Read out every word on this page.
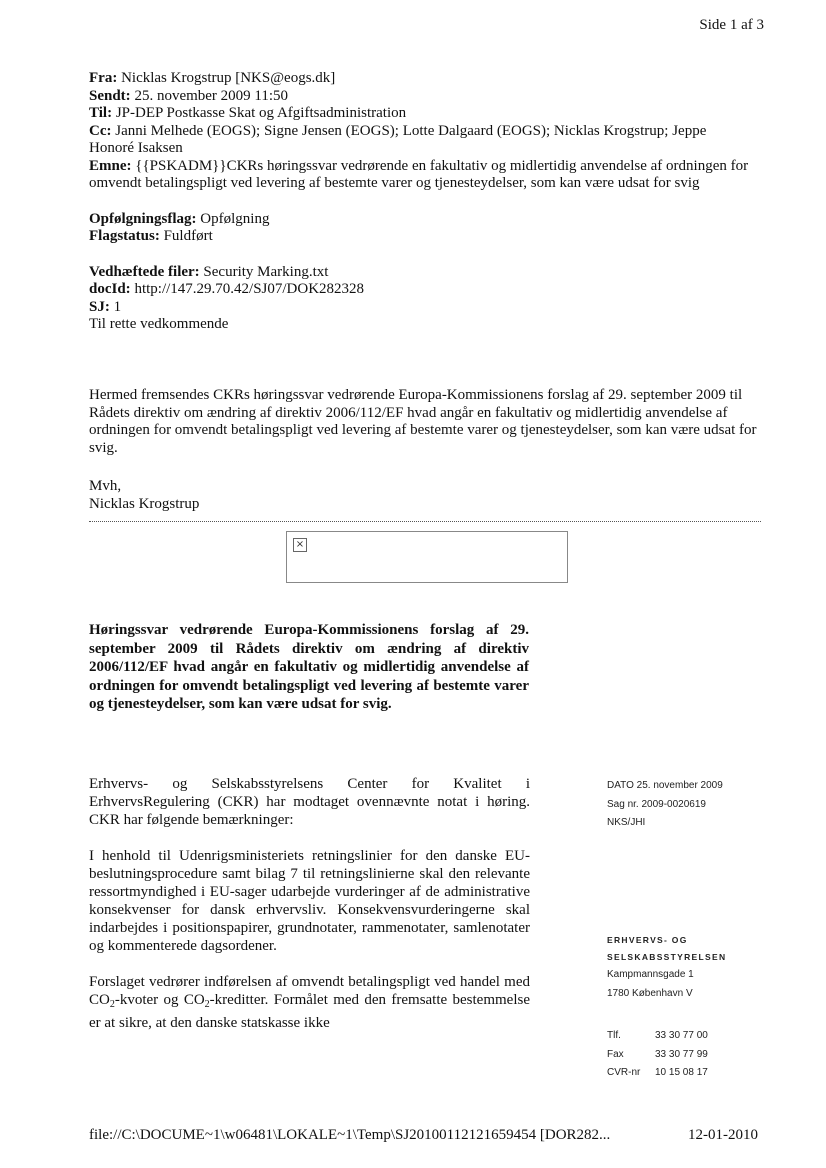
Side 1 af 3

Fra: Nicklas Krogstrup [NKS@eogs.dk]

Sendt: 25. november 2009 11:50

Til: JP-DEP Postkasse Skat og Afgiftsadministration

Cc: Janni Melhede (EOGS); Signe Jensen (EOGS); Lotte Dalgaard (EOGS); Nicklas Krogstrup; Jeppe Honoré Isaksen

Emne: {{PSKADM}}CKRs høringssvar vedrørende en fakultativ og midlertidig anvendelse af ordningen for omvendt betalingspligt ved levering af bestemte varer og tjenesteydelser, som kan være udsat for svig

Opfølgningsflag: Opfølgning

Flagstatus: Fuldført

Vedhæftede filer: Security Marking.txt

docId: http://147.29.70.42/SJ07/DOK282328

SJ: 1

Til rette vedkommende

Hermed fremsendes CKRs høringssvar vedrørende Europa-Kommissionens forslag af 29. september 2009 til Rådets direktiv om ændring af direktiv 2006/112/EF hvad angår en fakultativ og midlertidig anvendelse af ordningen for omvendt betalingspligt ved levering af bestemte varer og tjenesteydelser, som kan være udsat for svig.
Mvh,
Nicklas Krogstrup
×
Høringssvar vedrørende Europa-Kommissionens forslag af 29. september 2009 til Rådets direktiv om ændring af direktiv 2006/112/EF hvad angår en fakultativ og midlertidig anvendelse af ordningen for omvendt betalingspligt ved levering af bestemte varer og tjenesteydelser, som kan være udsat for svig.

Erhvervs- og Selskabsstyrelsens Center for Kvalitet i ErhvervsRegulering (CKR) har modtaget ovennævnte notat i høring. CKR har følgende bemærkninger:

I henhold til Udenrigsministeriets retningslinier for den danske EU-beslutningsprocedure samt bilag 7 til retningslinierne skal den relevante ressortmyndighed i EU-sager udarbejde vurderinger af de administrative konsekvenser for dansk erhvervsliv. Konsekvensvurderingerne skal indarbejdes i positionspapirer, grundnotater, rammenotater, samlenotater og kommenterede dagsordener.

Forslaget vedrører indførelsen af omvendt betalingspligt ved handel med $CO_2$-kvoter og $CO_2$-kreditter. Formålet med den fremsatte bestemmelse er at sikre, at den danske statskasse ikke

DATO 25. november 2009
Sag nr. 2009-0020619
NKS/JHI
ERHVERVS- OG
SELSKABSSTYRELSEN
Kampmannsgade 1
1780 København V
Tlf.	33 30 77 00
Fax	33 30 77 99
CVR-nr	10 15 08 17
file://C:\DOCUME~1\w06481\LOKALE~1\Temp\SJ20100112121659454 [DOR282...	12-01-2010
